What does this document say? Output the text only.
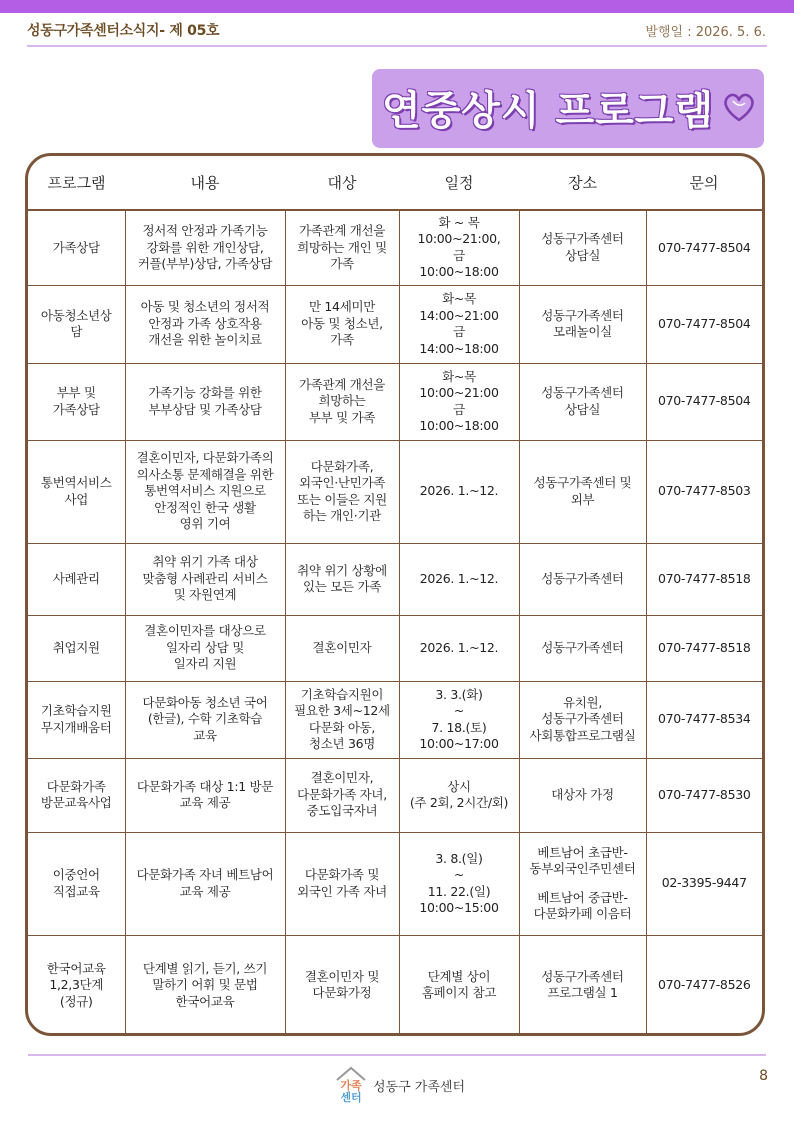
성동구가족센터소식지- 제 05호	발행일 : 2026. 5. 6.
연중상시 프로그램
프로그램	내용	대상	일정	장소	문의

가족상담	정서적 안정과 가족기능
강화를 위한 개인상담,
커플(부부)상담, 가족상담	가족관계 개선을
희망하는 개인 및
가족	화 ~ 목
10:00~21:00,
금
10:00~18:00	성동구가족센터
상담실	070-7477-8504

아동청소년상
담	아동 및 청소년의 정서적
안정과 가족 상호작용
개선을 위한 놀이치료	만 14세미만
아동 및 청소년,
가족	화~목
14:00~21:00
금
14:00~18:00	성동구가족센터
모래놀이실	070-7477-8504

부부 및
가족상담	가족기능 강화를 위한
부부상담 및 가족상담	가족관계 개선을
희망하는
부부 및 가족	화~목
10:00~21:00
금
10:00~18:00	성동구가족센터
상담실	070-7477-8504

통번역서비스
사업	결혼이민자, 다문화가족의
의사소통 문제해결을 위한
통번역서비스 지원으로
안정적인 한국 생활
영위 기여	다문화가족,
외국인·난민가족
또는 이들은 지원
하는 개인·기관	2026. 1.~12.	성동구가족센터 및
외부	070-7477-8503

사례관리	취약 위기 가족 대상
맞춤형 사례관리 서비스
및 자원연계	취약 위기 상황에
있는 모든 가족	2026. 1.~12.	성동구가족센터	070-7477-8518

취업지원	결혼이민자를 대상으로
일자리 상담 및
일자리 지원	결혼이민자	2026. 1.~12.	성동구가족센터	070-7477-8518

기초학습지원
무지개배움터	다문화아동 청소년 국어
(한글), 수학 기초학습
교육	기초학습지원이
필요한 3세~12세
다문화 아동,
청소년 36명	3. 3.(화)
~
7. 18.(토)
10:00~17:00	유치원,
성동구가족센터
사회통합프로그램실	070-7477-8534

다문화가족
방문교육사업	다문화가족 대상 1:1 방문
교육 제공	결혼이민자,
다문화가족 자녀,
중도입국자녀	상시
(주 2회, 2시간/회)	대상자 가정	070-7477-8530

이중언어
직접교육	다문화가족 자녀 베트남어
교육 제공	다문화가족 및
외국인 가족 자녀	3. 8.(일)
~
11. 22.(일)
10:00~15:00	베트남어 초급반-
동부외국인주민센터
베트남어 중급반-
다문화카페 이음터	02-3395-9447

한국어교육
1,2,3단계
(정규)	단계별 읽기, 듣기, 쓰기
말하기 어휘 및 문법
한국어교육	결혼이민자 및
다문화가정	단계별 상이
홈페이지 참고	성동구가족센터
프로그램실 1	070-7477-8526
가족
센터
성동구 가족센터
8
